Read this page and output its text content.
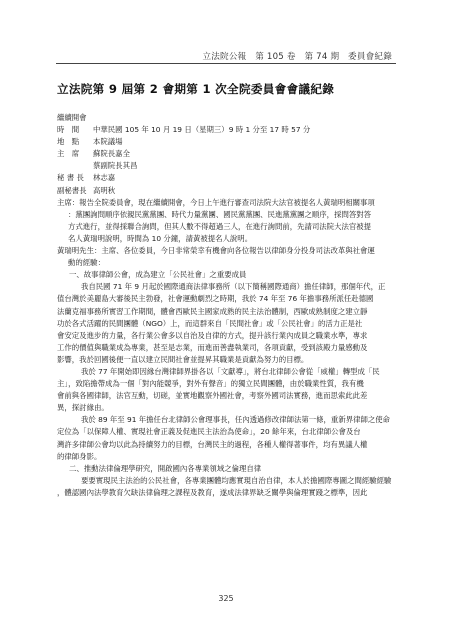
立法院公報　第 105 卷　第 74 期　委員會紀錄
立法院第 9 屆第 2 會期第 1 次全院委員會會議紀錄
繼續開會
時　間	中華民國 105 年 10 月 19 日（星期三）9 時 1 分至 17 時 57 分
地　點	本院議場
主　席	蘇院長嘉全
蔡副院長其昌
秘 書 長	林志嘉
副秘書長 高明秋
主席：報告全院委員會，現在繼續開會，今日上午進行審查司法院大法官被提名人黃瑞明相關事項
：黨團詢問順序依親民黨黨團、時代力量黨團、國民黨黨團、民進黨黨團之順序，採問答對答
方式進行，並得採聯合詢問，但其人數不得超過三人，在進行詢問前，先請司法院大法官被提
名人黃瑞明說明，時間為 10 分鐘，請黃被提名人說明。
黃瑞明先生：主席、各位委員，今日非常榮幸有機會向各位報告以律師身分投身司法改革與社會運
動的經驗：
一、故事律師公會，成為建立「公民社會」之重要成員
我自民國 71 年 9 月起於國際通商法律事務所（以下簡稱國際通商）擔任律師，那個年代，正
值台灣於美麗島大審後民主勃發，社會運動劇烈之時期，我於 74 年至 76 年擔事務所派任赴德國
法蘭克福事務所實習工作期間，體會西歐民主國家成熟的民主法治體制，西歐成熟制度之建立靜
功於各式活躍的民間團體（NGO）上，而這群來自「民間社會」或「公民社會」的活力正是社
會安定及進步的力量，各行業公會多以自治及自律的方式，提升該行業內成員之職業水準，專求
工作的價值與職業成為專業，甚至是志業，而進而善盡執業司，各項貢獻，受到該殿力量感動及
影響，我於回國後便一直以建立民間社會並提昇其職業是貢獻為努力的目標。
我於 77 年開始即因緣台灣律師界掛各以「文獻導」，將台北律師公會從「威權」轉型成「民
主」，致陷擔帶成為一個「對內能競爭，對外有聲音」的獨立民間團體，由於職業性質，我有機
會前與各國律師，法官互動，切磋，並實地觀察外國社會，考察外國司法實務，進而思索此此差
異，探討緣由。
我於 89 年至 91 年擔任台北律師公會理事長，任內透過修改律師法第一條，重新界律師之使命
定位為「以保障人權、實現社會正義及促進民主法治為使命」，20 餘年來，台北律師公會及台
灣許多律師公會均以此為持續努力的目標，台灣民主的過程，各種人權得著事件，均有異議人權
的律師身影。
二、推動法律倫理學研究，開啟國內各專業領域之倫理自律
要要實現民主法治的公民社會，各專業團體均應實現自治自律，本人於擔國際專圖之間經驗經驗
，體認國內法學教育欠缺法律倫理之課程及教育，遂成法律界缺乏關學與倫理實踐之標準，因此
325
